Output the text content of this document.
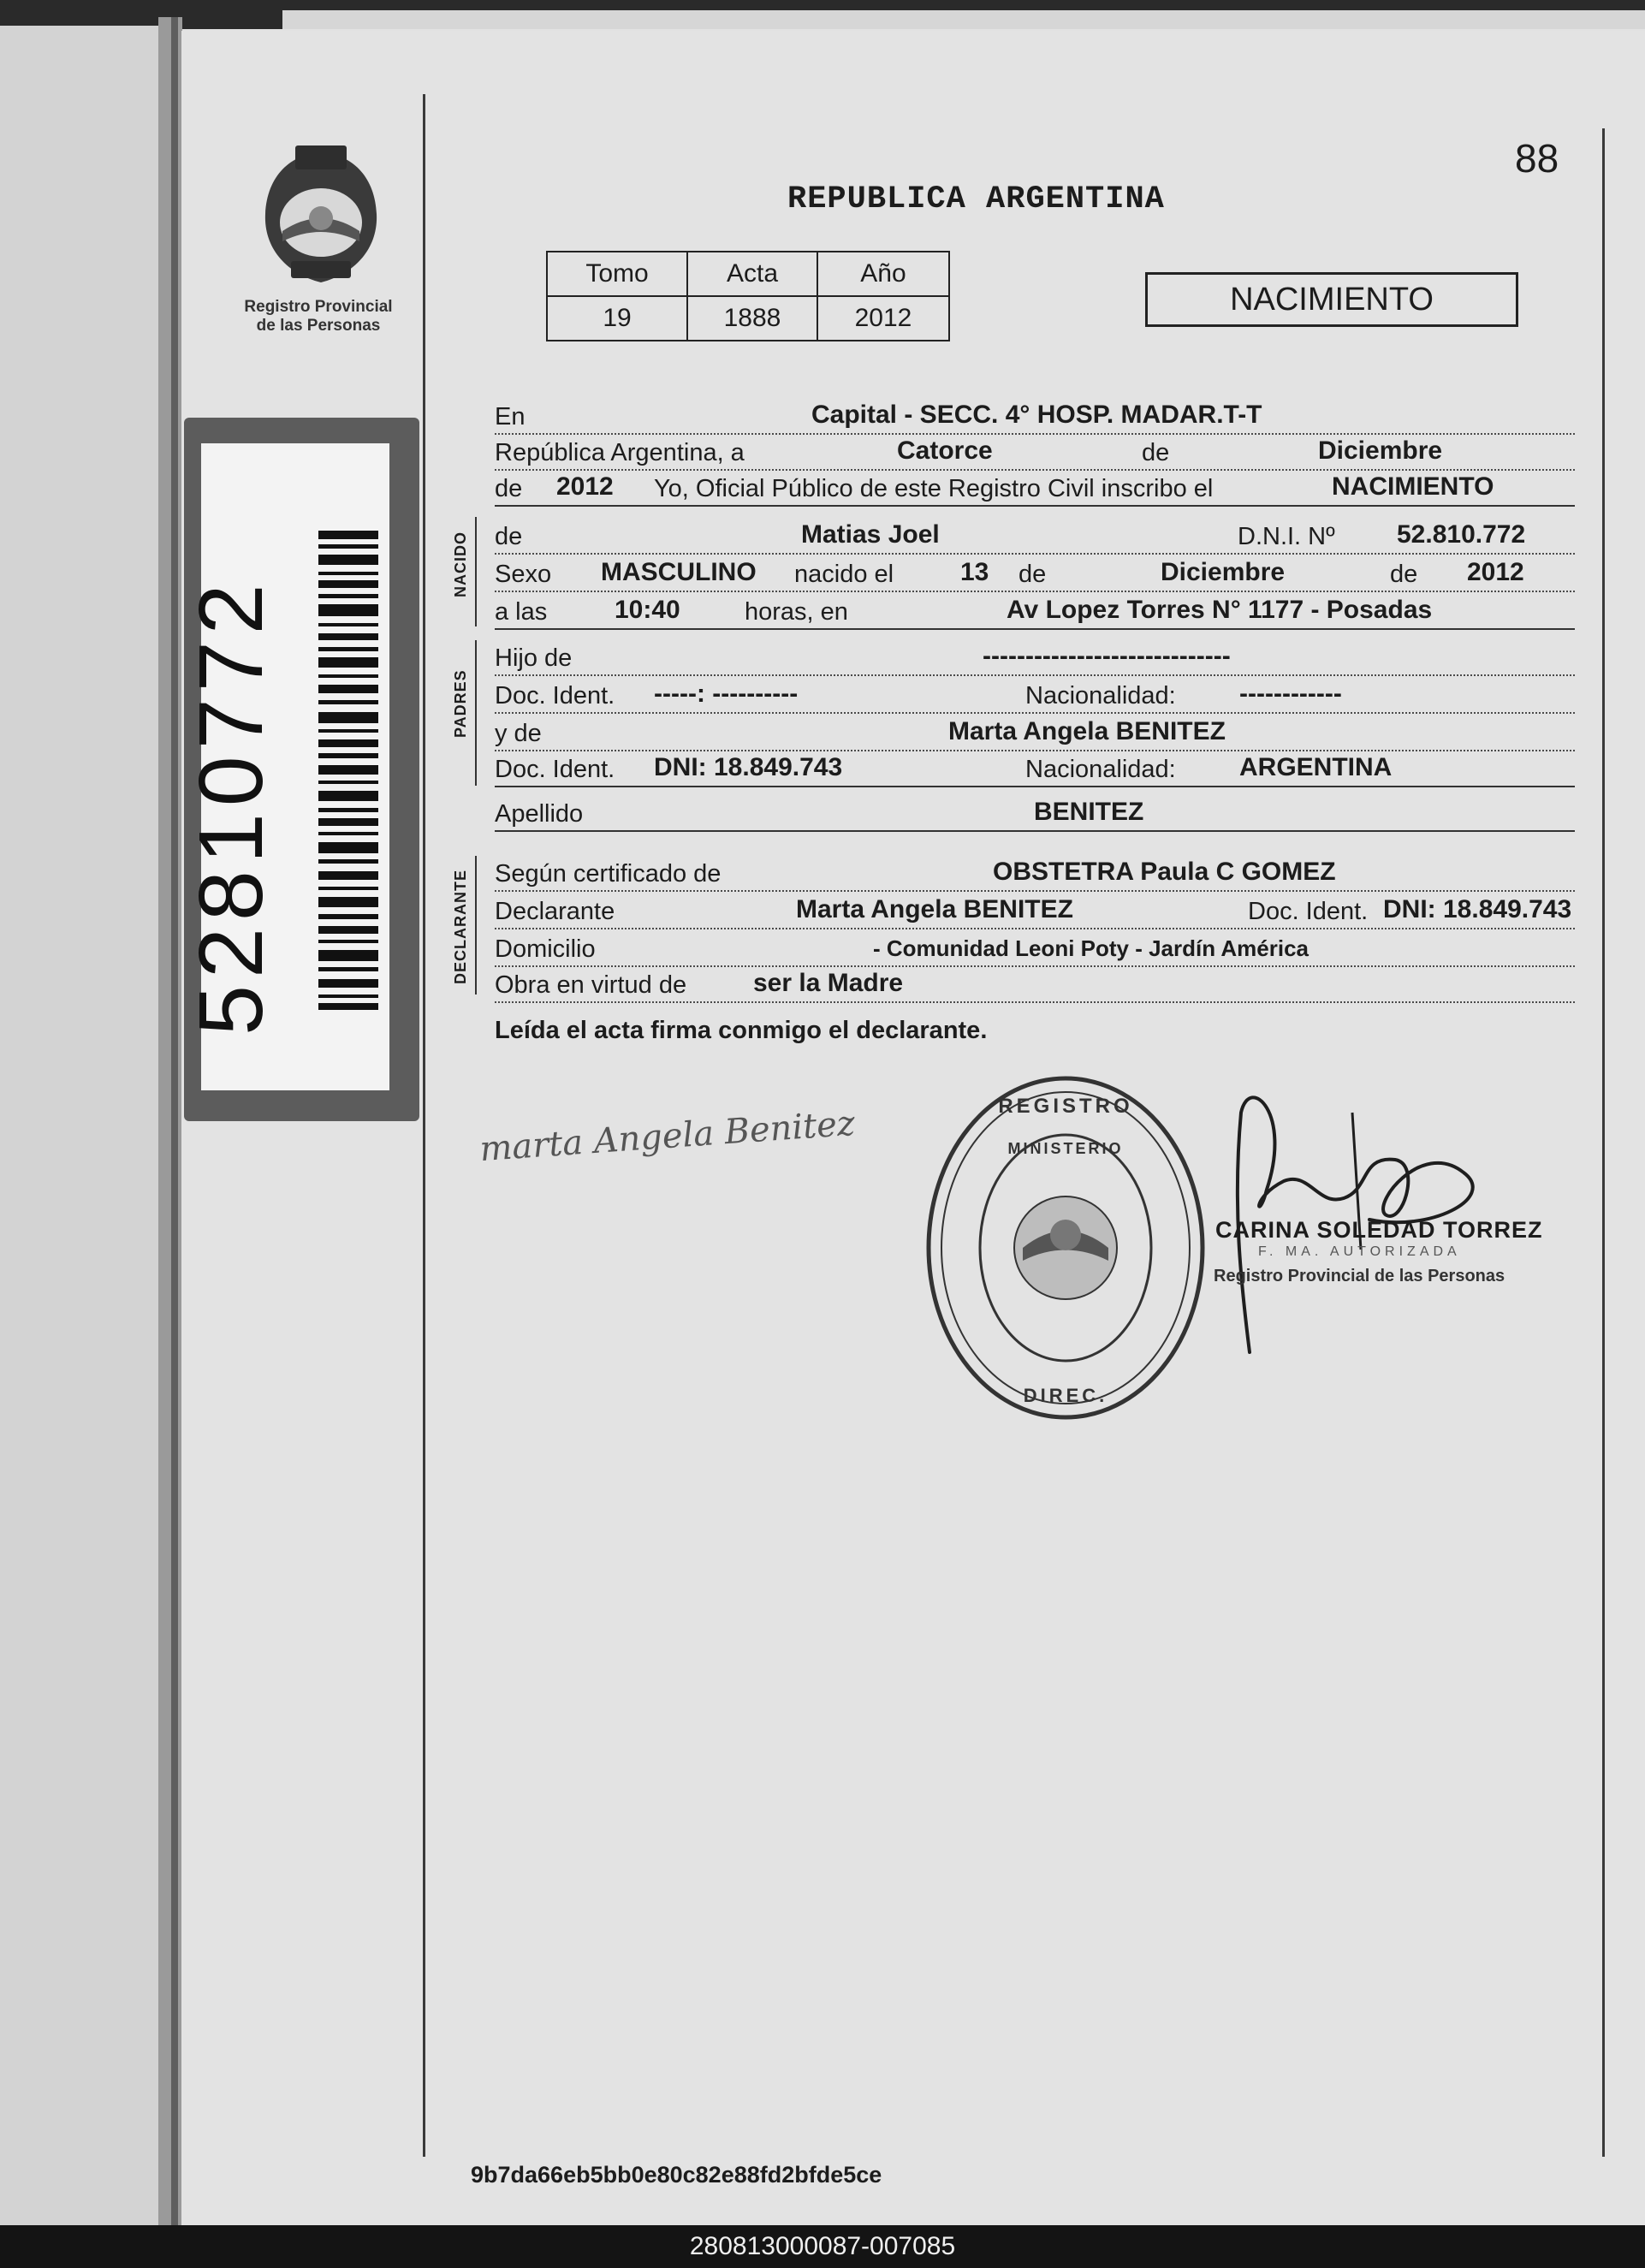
Registro Provincial
de las Personas
52810772
88
REPUBLICA ARGENTINA
Tomo	Acta	Año
19	1888	2012
NACIMIENTO
En	Capital - SECC. 4° HOSP. MADAR.T-T
República Argentina, a	Catorce	de	Diciembre
de 2012 Yo, Oficial Público de este Registro Civil inscribo el	NACIMIENTO
de	Matias Joel	D.N.I. Nº 52.810.772
Sexo MASCULINO nacido el	13 de	Diciembre	de 2012
a las	10:40	horas, en	Av Lopez Torres N° 1177 - Posadas
Hijo de	-----------------------------
Doc. Ident. -----: ----------	Nacionalidad: ------------
y de	Marta Angela BENITEZ
Doc. Ident. DNI: 18.849.743	Nacionalidad: ARGENTINA
Apellido	BENITEZ
Según certificado de	OBSTETRA Paula C GOMEZ
Declarante	Marta Angela BENITEZ	Doc. Ident. DNI: 18.849.743
Domicilio	- Comunidad Leoni Poty - Jardín América
Obra en virtud de	ser la Madre
NACIDO
PADRES
DECLARANTE
Leída el acta firma conmigo el declarante.
marta Angela Benitez	REGISTRO
DIREC.
MINISTERIO
CARINA SOLEDAD TORREZ
F. MA. AUTORIZADA
Registro Provincial de las Personas
9b7da66eb5bb0e80c82e88fd2bfde5ce
280813000087-007085
